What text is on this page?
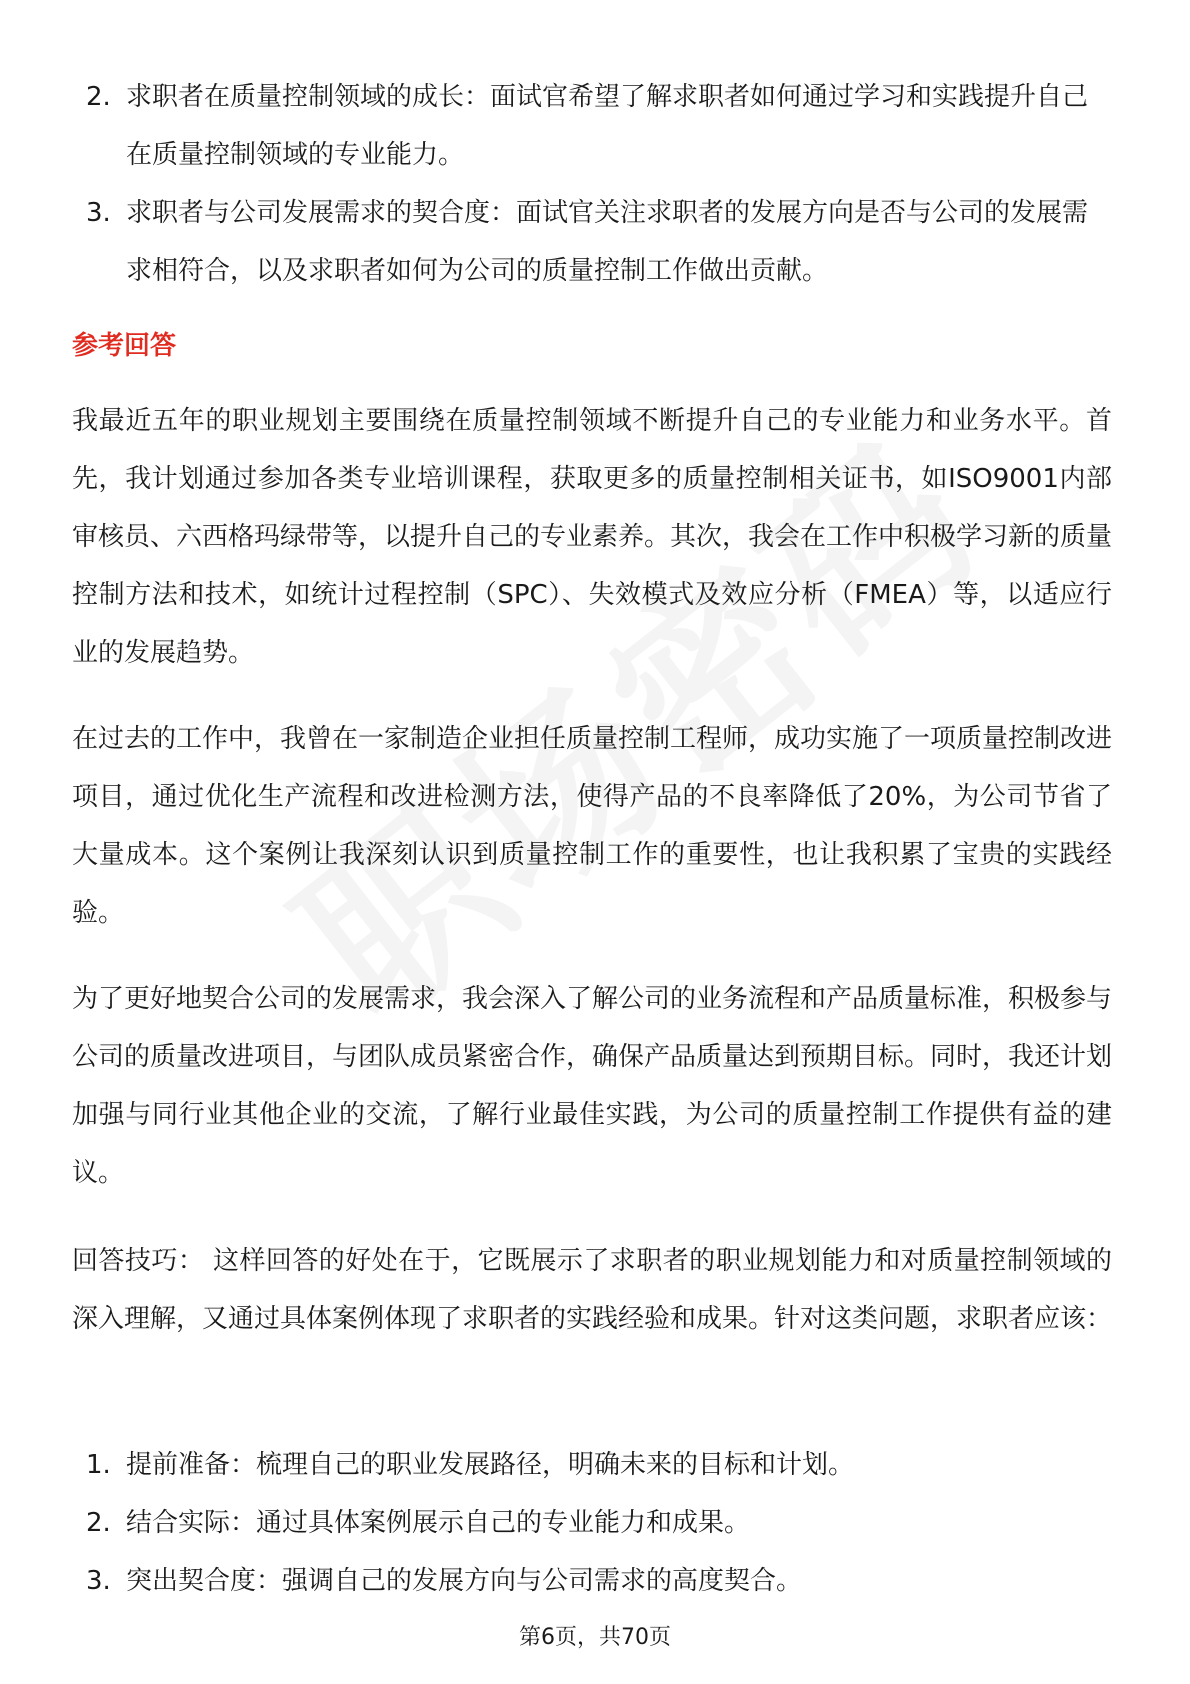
2. 求职者在质量控制领域的成长：面试官希望了解求职者如何通过学习和实践提升自己在质量控制领域的专业能力。
3. 求职者与公司发展需求的契合度：面试官关注求职者的发展方向是否与公司的发展需求相符合，以及求职者如何为公司的质量控制工作做出贡献。
参考回答

我最近五年的职业规划主要围绕在质量控制领域不断提升自己的专业能力和业务水平。首先，我计划通过参加各类专业培训课程，获取更多的质量控制相关证书，如ISO9001内部审核员、六西格玛绿带等，以提升自己的专业素养。其次，我会在工作中积极学习新的质量控制方法和技术，如统计过程控制（SPC）、失效模式及效应分析（FMEA）等，以适应行业的发展趋势。

在过去的工作中，我曾在一家制造企业担任质量控制工程师，成功实施了一项质量控制改进项目，通过优化生产流程和改进检测方法，使得产品的不良率降低了20%，为公司节省了大量成本。这个案例让我深刻认识到质量控制工作的重要性，也让我积累了宝贵的实践经验。

为了更好地契合公司的发展需求，我会深入了解公司的业务流程和产品质量标准，积极参与公司的质量改进项目，与团队成员紧密合作，确保产品质量达到预期目标。同时，我还计划加强与同行业其他企业的交流，了解行业最佳实践，为公司的质量控制工作提供有益的建议。

回答技巧： 这样回答的好处在于，它既展示了求职者的职业规划能力和对质量控制领域的深入理解，又通过具体案例体现了求职者的实践经验和成果。针对这类问题，求职者应该：

1. 提前准备：梳理自己的职业发展路径，明确未来的目标和计划。
2. 结合实际：通过具体案例展示自己的专业能力和成果。
3. 突出契合度：强调自己的发展方向与公司需求的高度契合。
第6页，共70页
